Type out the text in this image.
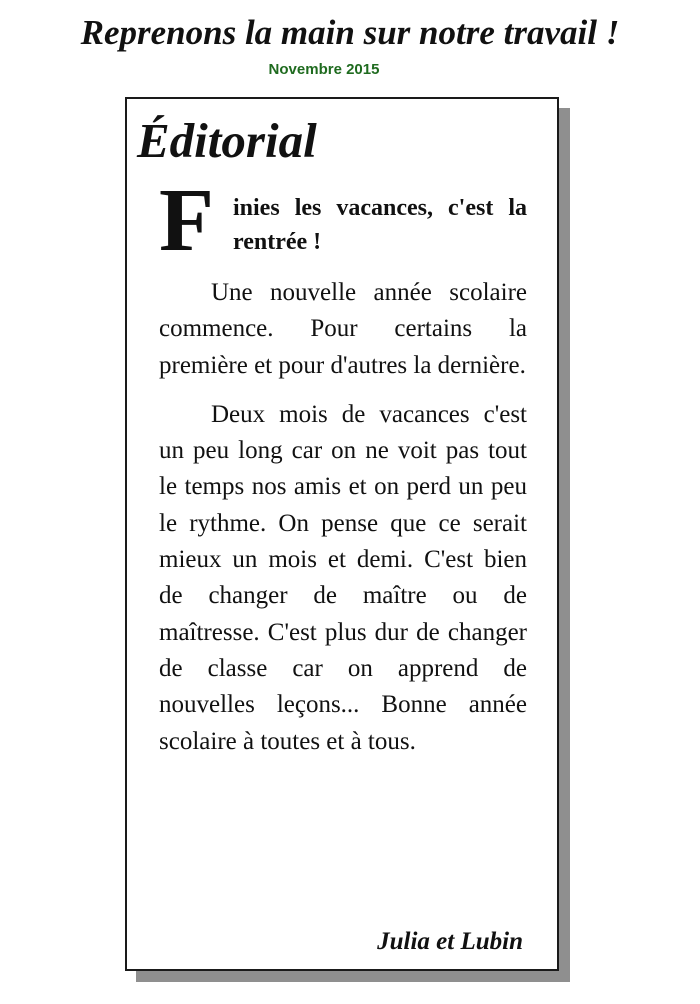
Reprenons la main sur notre travail !
Novembre 2015
Éditorial
F inies les vacances, c'est la rentrée !

Une nouvelle année scolaire commence. Pour certains la première et pour d'autres la dernière.

Deux mois de vacances c'est un peu long car on ne voit pas tout le temps nos amis et on perd un peu le rythme. On pense que ce serait mieux un mois et demi. C'est bien de changer de maître ou de maîtresse. C'est plus dur de changer de classe car on apprend de nouvelles leçons... Bonne année scolaire à toutes et à tous.

Julia et Lubin
